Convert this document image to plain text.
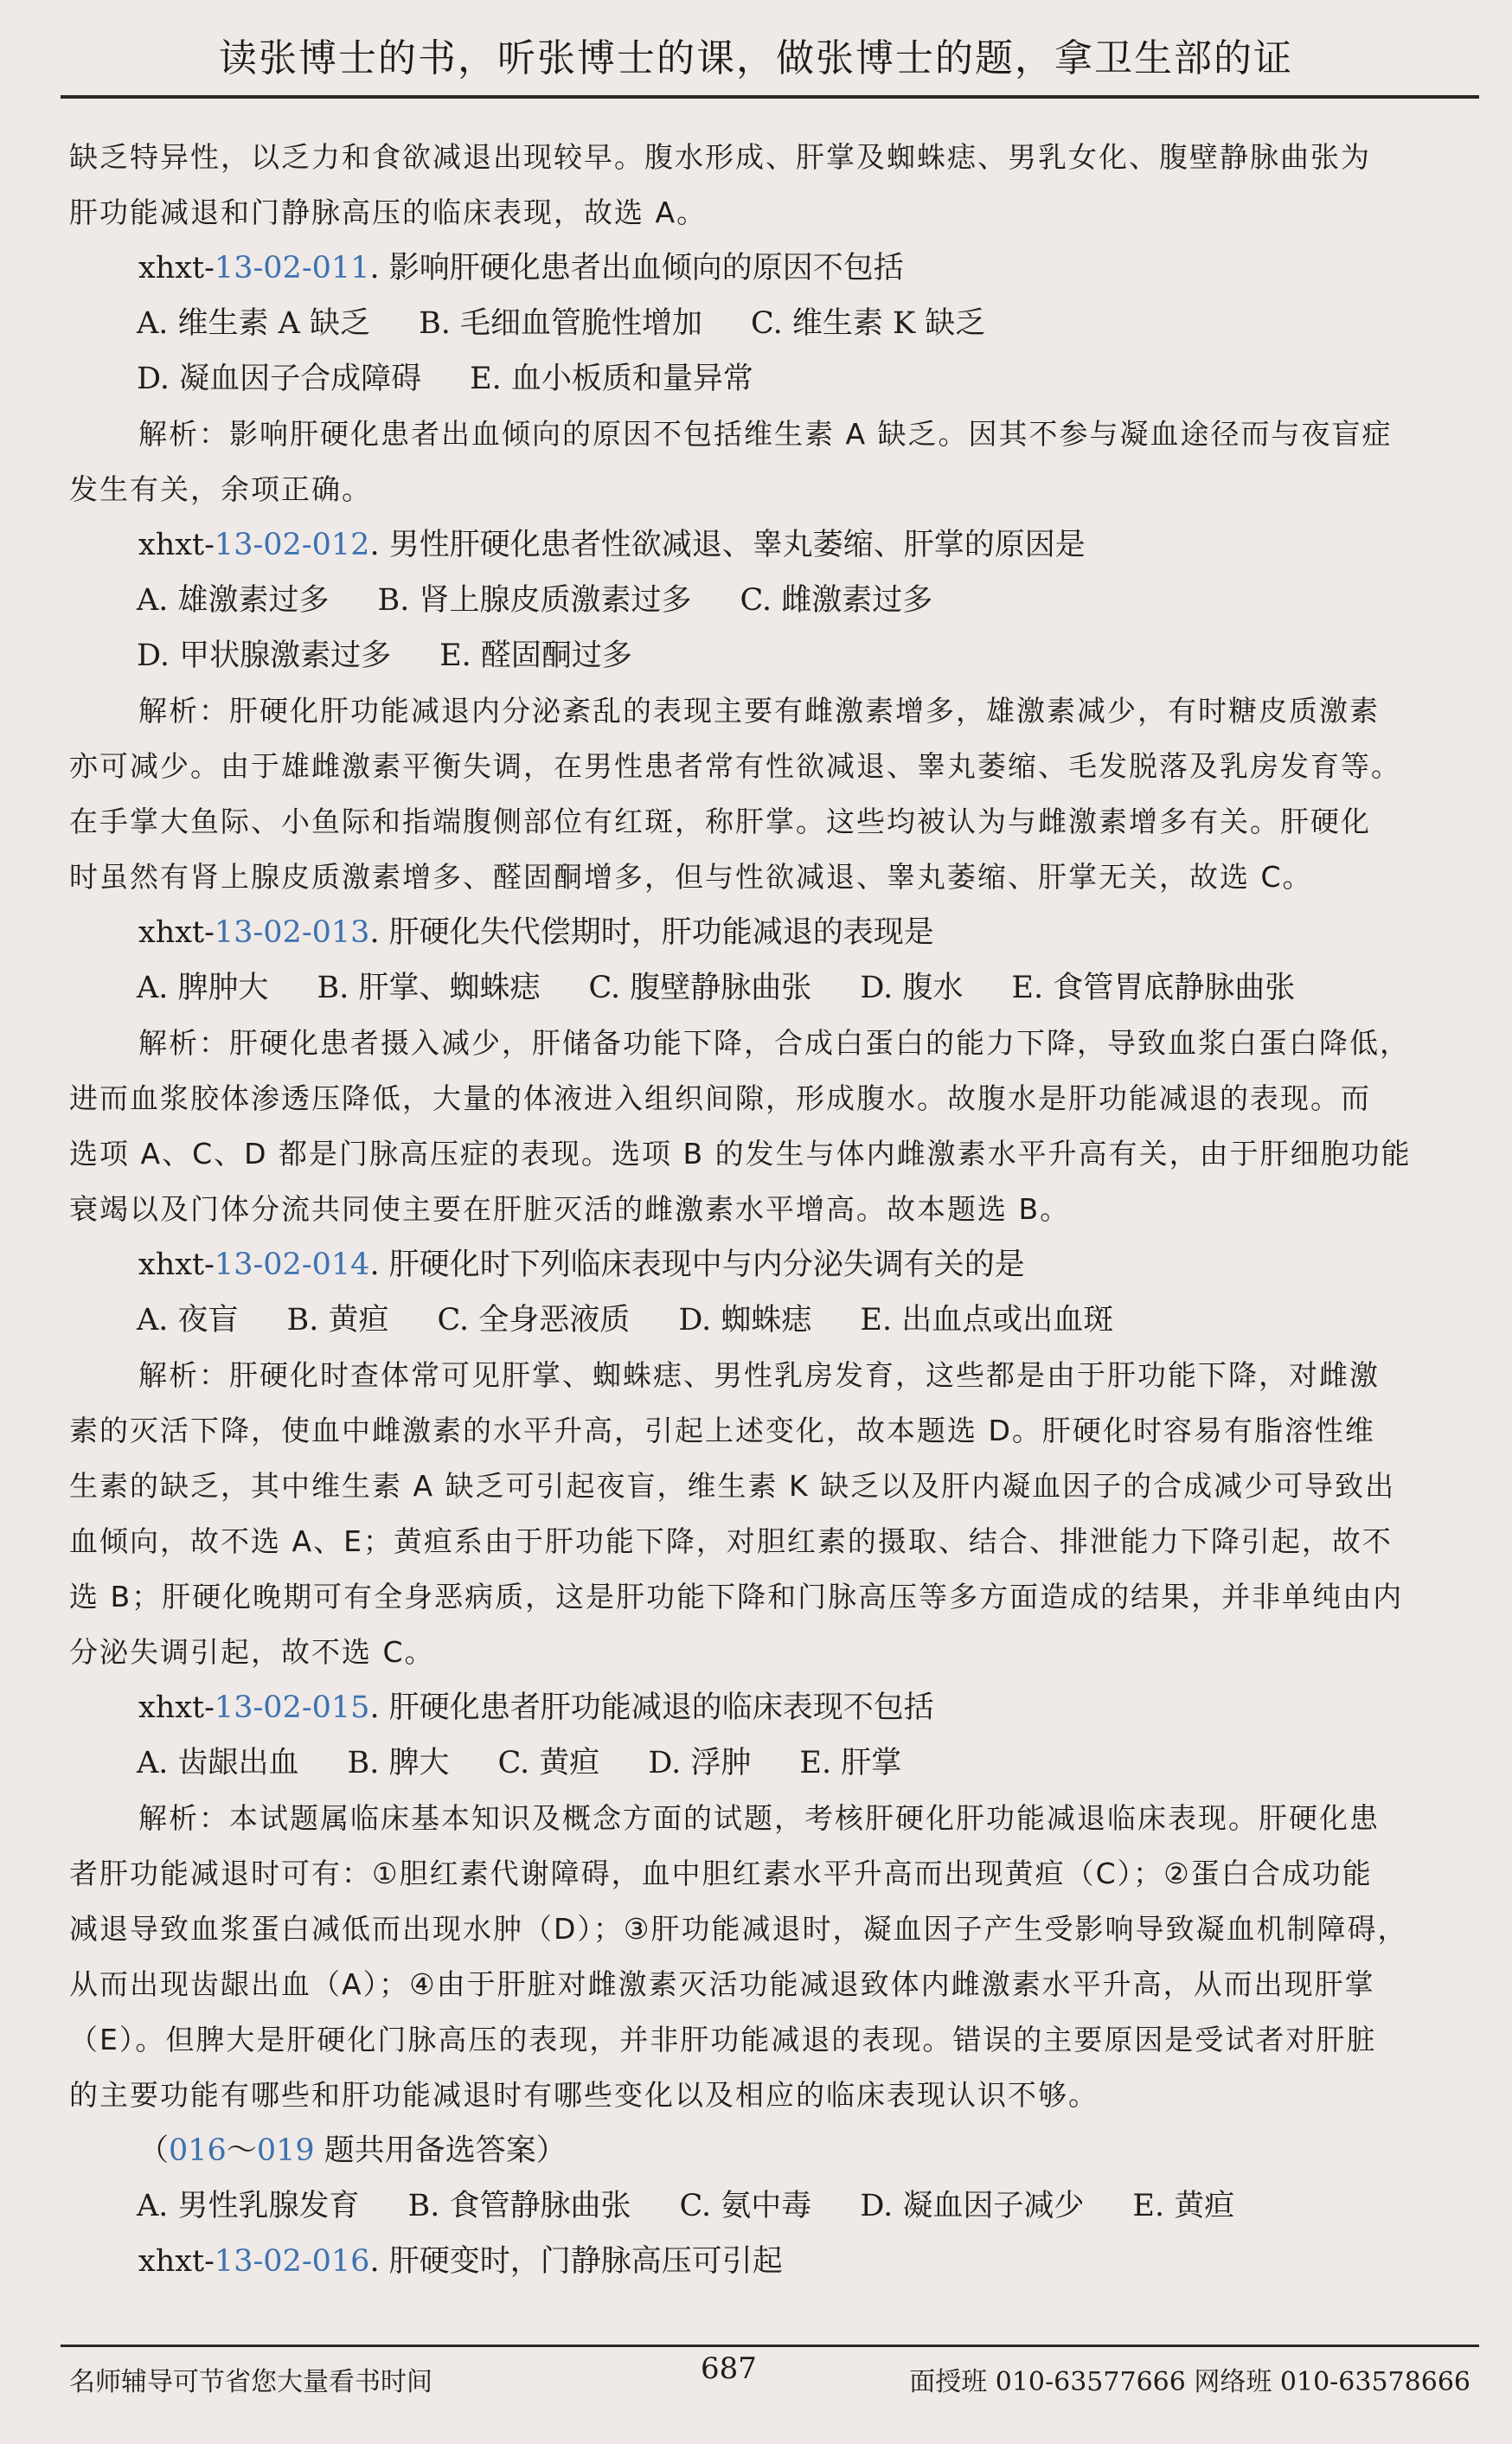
读张博士的书，听张博士的课，做张博士的题，拿卫生部的证
缺乏特异性，以乏力和食欲减退出现较早。腹水形成、肝掌及蜘蛛痣、男乳女化、腹壁静脉曲张为
肝功能减退和门静脉高压的临床表现，故选 A。
xhxt-13-02-011. 影响肝硬化患者出血倾向的原因不包括
A. 维生素 A 缺乏 B. 毛细血管脆性增加 C. 维生素 K 缺乏
D. 凝血因子合成障碍 E. 血小板质和量异常
解析：影响肝硬化患者出血倾向的原因不包括维生素 A 缺乏。因其不参与凝血途径而与夜盲症
发生有关，余项正确。
xhxt-13-02-012. 男性肝硬化患者性欲减退、睾丸萎缩、肝掌的原因是
A. 雄激素过多 B. 肾上腺皮质激素过多 C. 雌激素过多
D. 甲状腺激素过多 E. 醛固酮过多
解析：肝硬化肝功能减退内分泌紊乱的表现主要有雌激素增多，雄激素减少，有时糖皮质激素
亦可减少。由于雄雌激素平衡失调，在男性患者常有性欲减退、睾丸萎缩、毛发脱落及乳房发育等。
在手掌大鱼际、小鱼际和指端腹侧部位有红斑，称肝掌。这些均被认为与雌激素增多有关。肝硬化
时虽然有肾上腺皮质激素增多、醛固酮增多，但与性欲减退、睾丸萎缩、肝掌无关，故选 C。
xhxt-13-02-013. 肝硬化失代偿期时，肝功能减退的表现是
A. 脾肿大 B. 肝掌、蜘蛛痣 C. 腹壁静脉曲张 D. 腹水 E. 食管胃底静脉曲张
解析：肝硬化患者摄入减少，肝储备功能下降，合成白蛋白的能力下降，导致血浆白蛋白降低，
进而血浆胶体渗透压降低，大量的体液进入组织间隙，形成腹水。故腹水是肝功能减退的表现。而
选项 A、C、D 都是门脉高压症的表现。选项 B 的发生与体内雌激素水平升高有关，由于肝细胞功能
衰竭以及门体分流共同使主要在肝脏灭活的雌激素水平增高。故本题选 B。
xhxt-13-02-014. 肝硬化时下列临床表现中与内分泌失调有关的是
A. 夜盲 B. 黄疸 C. 全身恶液质 D. 蜘蛛痣 E. 出血点或出血斑
解析：肝硬化时查体常可见肝掌、蜘蛛痣、男性乳房发育，这些都是由于肝功能下降，对雌激
素的灭活下降，使血中雌激素的水平升高，引起上述变化，故本题选 D。肝硬化时容易有脂溶性维
生素的缺乏，其中维生素 A 缺乏可引起夜盲，维生素 K 缺乏以及肝内凝血因子的合成减少可导致出
血倾向，故不选 A、E；黄疸系由于肝功能下降，对胆红素的摄取、结合、排泄能力下降引起，故不
选 B；肝硬化晚期可有全身恶病质，这是肝功能下降和门脉高压等多方面造成的结果，并非单纯由内
分泌失调引起，故不选 C。
xhxt-13-02-015. 肝硬化患者肝功能减退的临床表现不包括
A. 齿龈出血 B. 脾大 C. 黄疸 D. 浮肿 E. 肝掌
解析：本试题属临床基本知识及概念方面的试题，考核肝硬化肝功能减退临床表现。肝硬化患
者肝功能减退时可有：①胆红素代谢障碍，血中胆红素水平升高而出现黄疸（C）；②蛋白合成功能
减退导致血浆蛋白减低而出现水肿（D）；③肝功能减退时，凝血因子产生受影响导致凝血机制障碍，
从而出现齿龈出血（A）；④由于肝脏对雌激素灭活功能减退致体内雌激素水平升高，从而出现肝掌
（E）。但脾大是肝硬化门脉高压的表现，并非肝功能减退的表现。错误的主要原因是受试者对肝脏
的主要功能有哪些和肝功能减退时有哪些变化以及相应的临床表现认识不够。
（016～019 题共用备选答案）
A. 男性乳腺发育 B. 食管静脉曲张 C. 氨中毒 D. 凝血因子减少 E. 黄疸
xhxt-13-02-016. 肝硬变时，门静脉高压可引起
名师辅导可节省您大量看书时间	687	面授班 010-63577666 网络班 010-63578666
